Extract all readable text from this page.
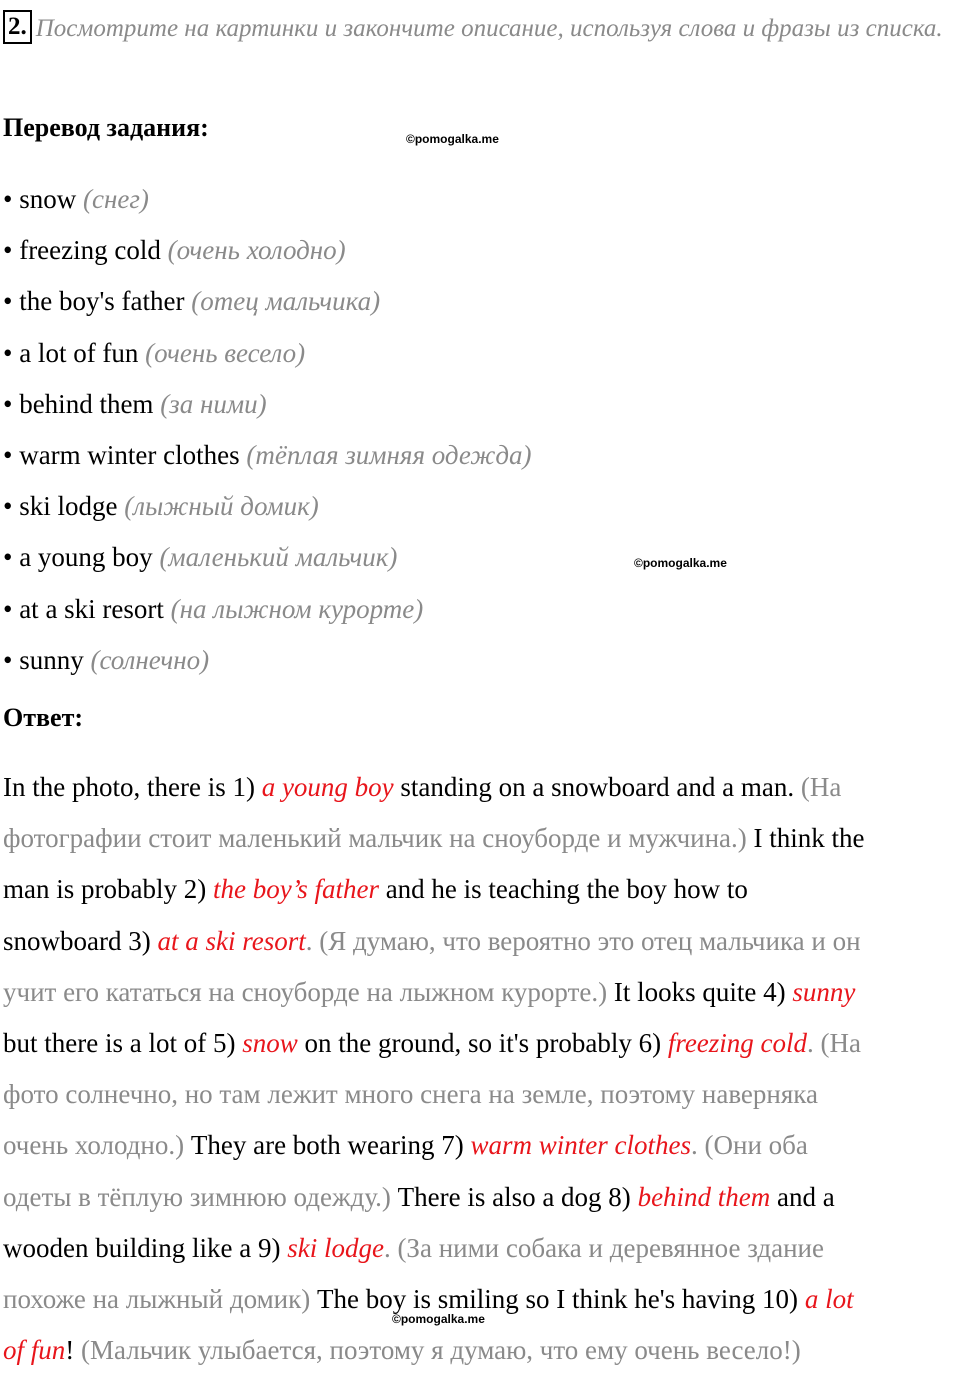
2. Посмотрите на картинки и закончите описание, используя слова и фразы из списка.
Перевод задания:	©pomogalka.me
©pomogalka.me
©pomogalka.me
• snow (снег)
• freezing cold (очень холодно)
• the boy's father (отец мальчика)
• a lot of fun (очень весело)
• behind them (за ними)
• warm winter clothes (тёплая зимняя одежда)
• ski lodge (лыжный домик)
• a young boy (маленький мальчик)
• at a ski resort (на лыжном курорте)
• sunny (солнечно)
Ответ:
In the photo, there is 1) a young boy standing on a snowboard and a man. (На
фотографии стоит маленький мальчик на сноуборде и мужчина.) I think the
man is probably 2) the boy’s father and he is teaching the boy how to
snowboard 3) at a ski resort. (Я думаю, что вероятно это отец мальчика и он
учит его кататься на сноуборде на лыжном курорте.) It looks quite 4) sunny
but there is a lot of 5) snow on the ground, so it's probably 6) freezing cold. (На
фото солнечно, но там лежит много снега на земле, поэтому наверняка
очень холодно.) They are both wearing 7) warm winter clothes. (Они оба
одеты в тёплую зимнюю одежду.) There is also a dog 8) behind them and a
wooden building like a 9) ski lodge. (За ними собака и деревянное здание
похоже на лыжный домик) The boy is smiling so I think he's having 10) a lot
of fun! (Мальчик улыбается, поэтому я думаю, что ему очень весело!)
